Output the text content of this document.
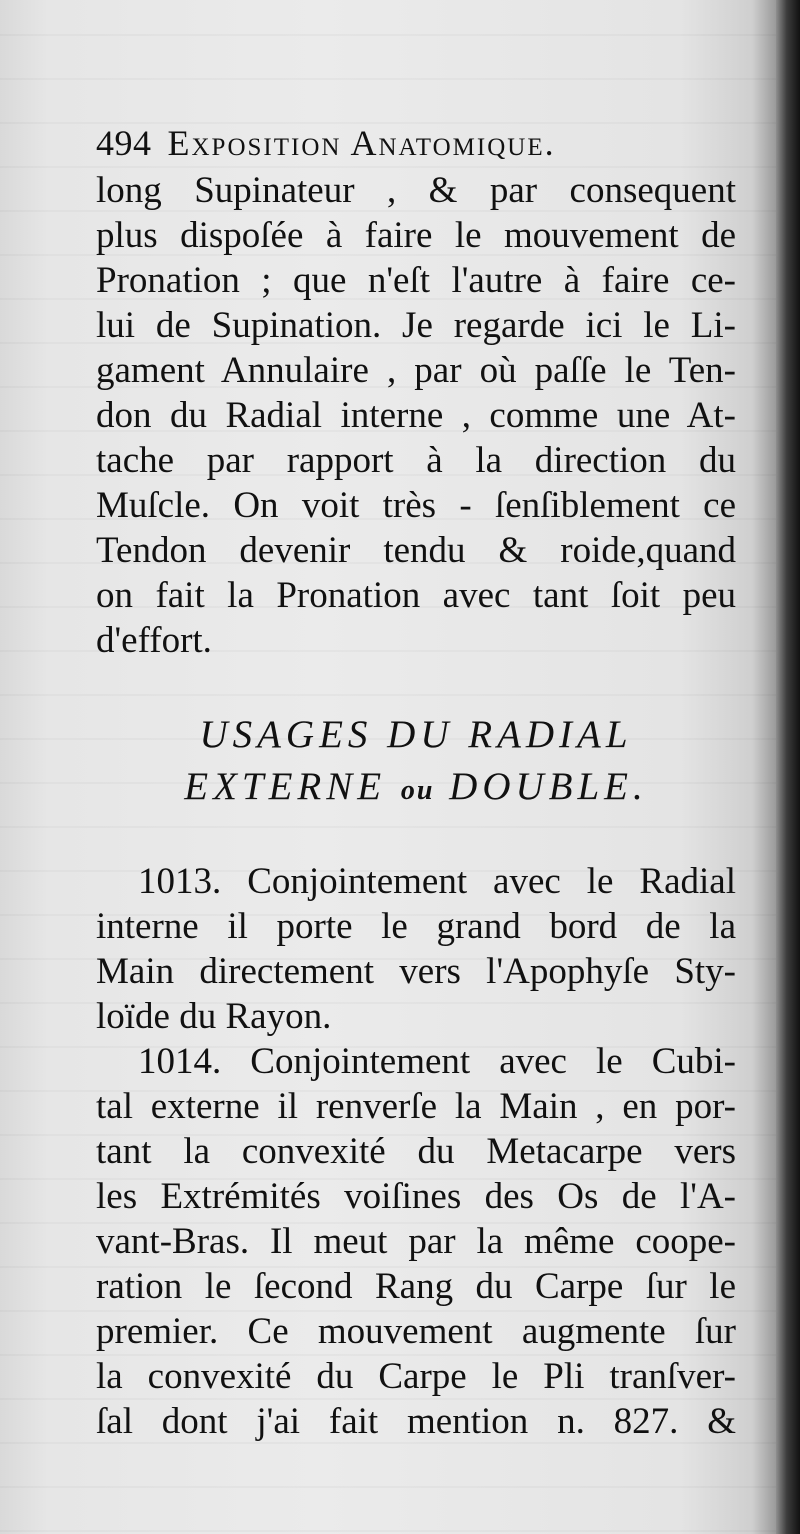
494 Exposition Anatomique.
long Supinateur , & par consequent
plus dispoſée à faire le mouvement de
Pronation ; que n'eſt l'autre à faire ce-
lui de Supination. Je regarde ici le Li-
gament Annulaire , par où paſſe le Ten-
don du Radial interne , comme une At-
tache par rapport à la direction du
Muſcle. On voit très - ſenſiblement ce
Tendon devenir tendu & roide,quand
on fait la Pronation avec tant ſoit peu
d'effort.
USAGES DU RADIAL
EXTERNE ou DOUBLE.
1013. Conjointement avec le Radial
interne il porte le grand bord de la
Main directement vers l'Apophyſe Sty-
loïde du Rayon.
1014. Conjointement avec le Cubi-
tal externe il renverſe la Main , en por-
tant la convexité du Metacarpe vers
les Extrémités voiſines des Os de l'A-
vant-Bras. Il meut par la même coope-
ration le ſecond Rang du Carpe ſur le
premier. Ce mouvement augmente ſur
la convexité du Carpe le Pli tranſver-
ſal dont j'ai fait mention n. 827. &
